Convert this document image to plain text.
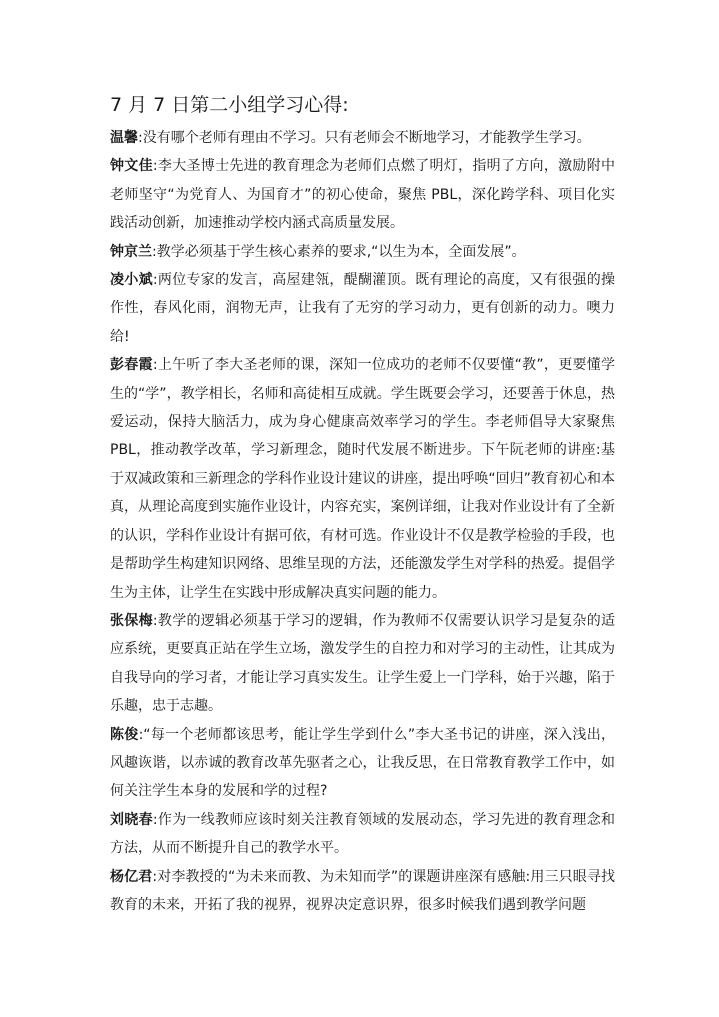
7 月 7 日第二小组学习心得:

温馨:没有哪个老师有理由不学习。只有老师会不断地学习，才能教学生学习。

钟文佳:李大圣博士先进的教育理念为老师们点燃了明灯，指明了方向，激励附中老师坚守“为党育人、为国育才”的初心使命，聚焦 PBL，深化跨学科、项目化实践活动创新，加速推动学校内涵式高质量发展。

钟京兰:教学必须基于学生核心素养的要求,“以生为本，全面发展”。

凌小斌:两位专家的发言，高屋建瓴，醍醐灌顶。既有理论的高度，又有很强的操作性，春风化雨，润物无声，让我有了无穷的学习动力，更有创新的动力。噢力给!

彭春霞:上午听了李大圣老师的课，深知一位成功的老师不仅要懂“教”，更要懂学生的“学”，教学相长，名师和高徒相互成就。学生既要会学习，还要善于休息，热爱运动，保持大脑活力，成为身心健康高效率学习的学生。李老师倡导大家聚焦 PBL，推动教学改革，学习新理念，随时代发展不断进步。下午阮老师的讲座:基于双减政策和三新理念的学科作业设计建议的讲座，提出呼唤“回归”教育初心和本真，从理论高度到实施作业设计，内容充实，案例详细，让我对作业设计有了全新的认识，学科作业设计有据可依，有材可选。作业设计不仅是教学检验的手段，也是帮助学生构建知识网络、思维呈现的方法，还能激发学生对学科的热爱。提倡学生为主体，让学生在实践中形成解决真实问题的能力。

张保梅:教学的逻辑必须基于学习的逻辑，作为教师不仅需要认识学习是复杂的适应系统，更要真正站在学生立场，激发学生的自控力和对学习的主动性，让其成为自我导向的学习者，才能让学习真实发生。让学生爱上一门学科，始于兴趣，陷于乐趣，忠于志趣。

陈俊:“每一个老师都该思考，能让学生学到什么”李大圣书记的讲座，深入浅出，风趣诙谐，以赤诚的教育改革先驱者之心，让我反思，在日常教育教学工作中，如何关注学生本身的发展和学的过程?

刘晓春:作为一线教师应该时刻关注教育领域的发展动态，学习先进的教育理念和方法，从而不断提升自己的教学水平。

杨亿君:对李教授的“为未来而教、为未知而学”的课题讲座深有感触:用三只眼寻找教育的未来，开拓了我的视界，视界决定意识界，很多时候我们遇到教学问题
